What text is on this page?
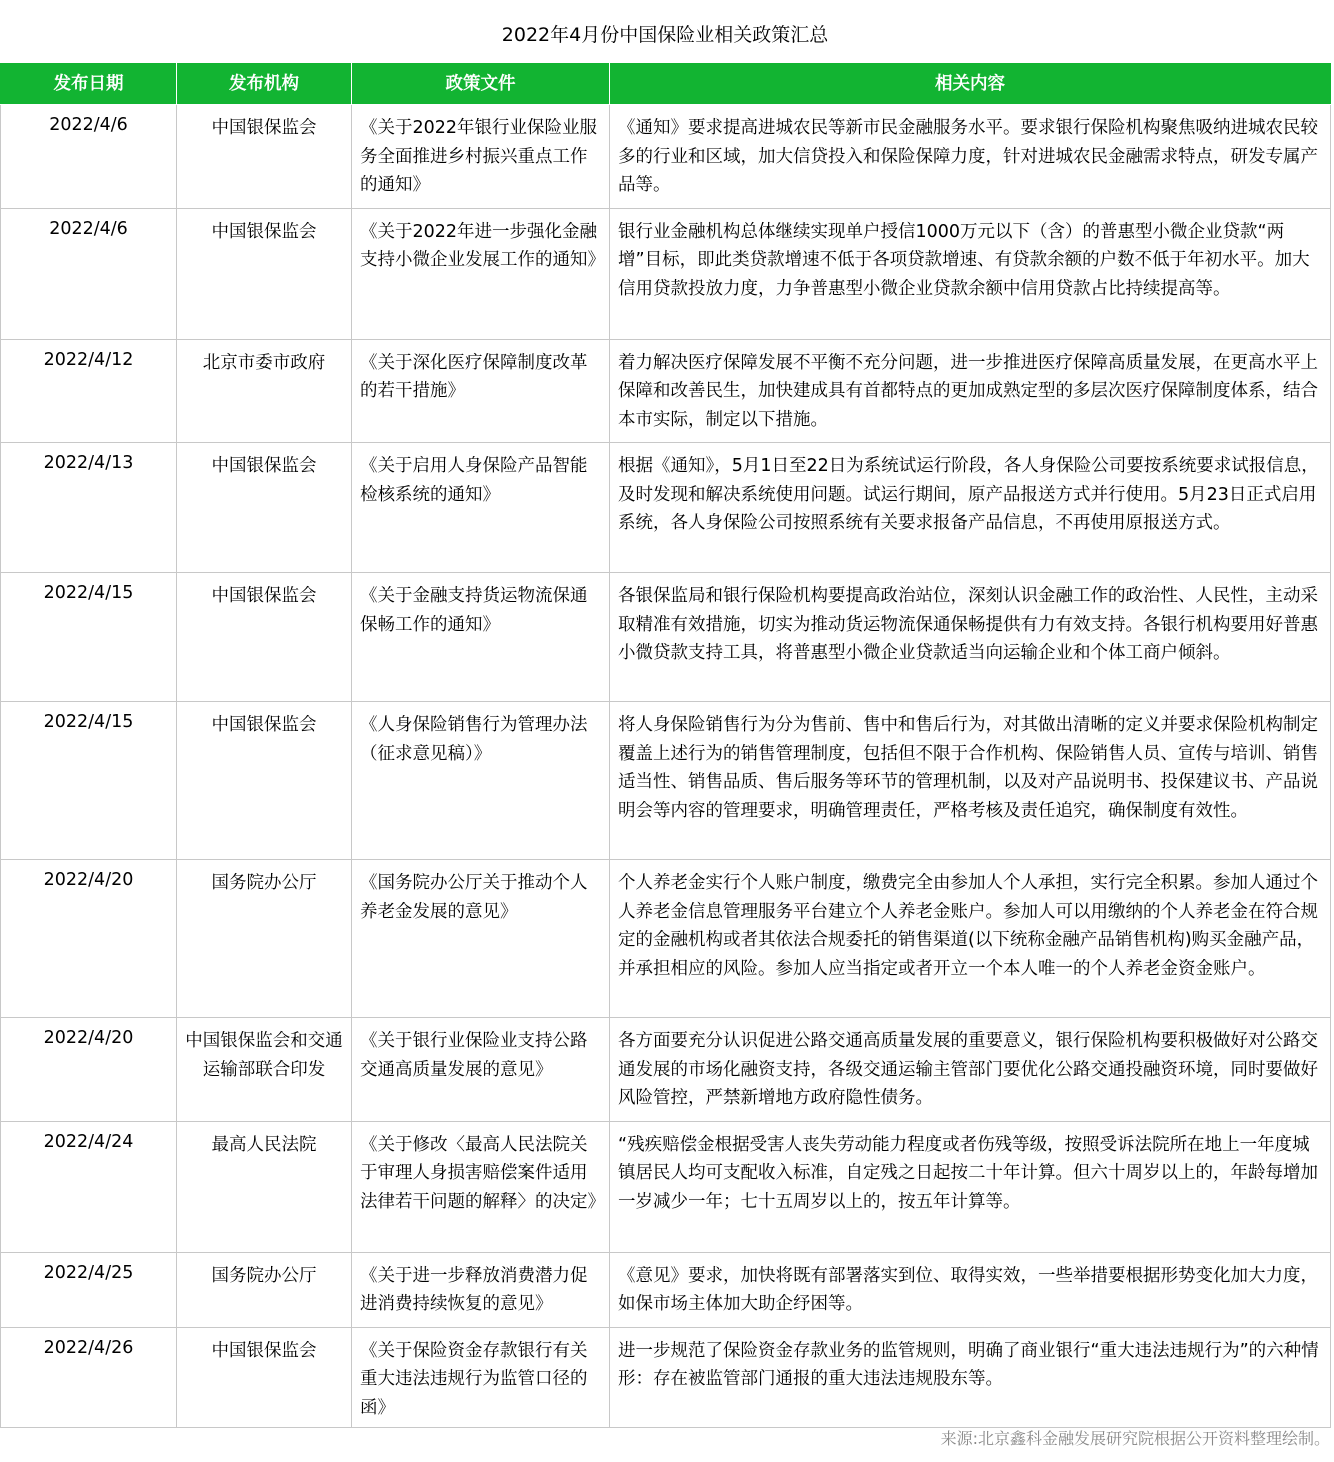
2022年4月份中国保险业相关政策汇总
发布日期	发布机构	政策文件	相关内容
2022/4/6	中国银保监会	《关于2022年银行业保险业服务全面推进乡村振兴重点工作的通知》	《通知》要求提高进城农民等新市民金融服务水平。要求银行保险机构聚焦吸纳进城农民较多的行业和区域，加大信贷投入和保险保障力度，针对进城农民金融需求特点，研发专属产品等。
2022/4/6	中国银保监会	《关于2022年进一步强化金融支持小微企业发展工作的通知》	银行业金融机构总体继续实现单户授信1000万元以下（含）的普惠型小微企业贷款“两增”目标，即此类贷款增速不低于各项贷款增速、有贷款余额的户数不低于年初水平。加大信用贷款投放力度，力争普惠型小微企业贷款余额中信用贷款占比持续提高等。
2022/4/12	北京市委市政府	《关于深化医疗保障制度改革的若干措施》	着力解决医疗保障发展不平衡不充分问题，进一步推进医疗保障高质量发展，在更高水平上保障和改善民生，加快建成具有首都特点的更加成熟定型的多层次医疗保障制度体系，结合本市实际，制定以下措施。
2022/4/13	中国银保监会	《关于启用人身保险产品智能检核系统的通知》	根据《通知》，5月1日至22日为系统试运行阶段，各人身保险公司要按系统要求试报信息，及时发现和解决系统使用问题。试运行期间，原产品报送方式并行使用。5月23日正式启用系统，各人身保险公司按照系统有关要求报备产品信息，不再使用原报送方式。
2022/4/15	中国银保监会	《关于金融支持货运物流保通保畅工作的通知》	各银保监局和银行保险机构要提高政治站位，深刻认识金融工作的政治性、人民性，主动采取精准有效措施，切实为推动货运物流保通保畅提供有力有效支持。各银行机构要用好普惠小微贷款支持工具，将普惠型小微企业贷款适当向运输企业和个体工商户倾斜。
2022/4/15	中国银保监会	《人身保险销售行为管理办法（征求意见稿）》	将人身保险销售行为分为售前、售中和售后行为，对其做出清晰的定义并要求保险机构制定覆盖上述行为的销售管理制度，包括但不限于合作机构、保险销售人员、宣传与培训、销售适当性、销售品质、售后服务等环节的管理机制，以及对产品说明书、投保建议书、产品说明会等内容的管理要求，明确管理责任，严格考核及责任追究，确保制度有效性。
2022/4/20	国务院办公厅	《国务院办公厅关于推动个人养老金发展的意见》	个人养老金实行个人账户制度，缴费完全由参加人个人承担，实行完全积累。参加人通过个人养老金信息管理服务平台建立个人养老金账户。参加人可以用缴纳的个人养老金在符合规定的金融机构或者其依法合规委托的销售渠道(以下统称金融产品销售机构)购买金融产品，并承担相应的风险。参加人应当指定或者开立一个本人唯一的个人养老金资金账户。
2022/4/20	中国银保监会和交通运输部联合印发	《关于银行业保险业支持公路交通高质量发展的意见》	各方面要充分认识促进公路交通高质量发展的重要意义，银行保险机构要积极做好对公路交通发展的市场化融资支持，各级交通运输主管部门要优化公路交通投融资环境，同时要做好风险管控，严禁新增地方政府隐性债务。
2022/4/24	最高人民法院	《关于修改〈最高人民法院关于审理人身损害赔偿案件适用法律若干问题的解释〉的决定》	“残疾赔偿金根据受害人丧失劳动能力程度或者伤残等级，按照受诉法院所在地上一年度城镇居民人均可支配收入标准，自定残之日起按二十年计算。但六十周岁以上的，年龄每增加一岁减少一年；七十五周岁以上的，按五年计算等。
2022/4/25	国务院办公厅	《关于进一步释放消费潜力促进消费持续恢复的意见》	《意见》要求，加快将既有部署落实到位、取得实效，一些举措要根据形势变化加大力度，如保市场主体加大助企纾困等。
2022/4/26	中国银保监会	《关于保险资金存款银行有关重大违法违规行为监管口径的函》	进一步规范了保险资金存款业务的监管规则，明确了商业银行“重大违法违规行为”的六种情形：存在被监管部门通报的重大违法违规股东等。
来源:北京鑫科金融发展研究院根据公开资料整理绘制。
